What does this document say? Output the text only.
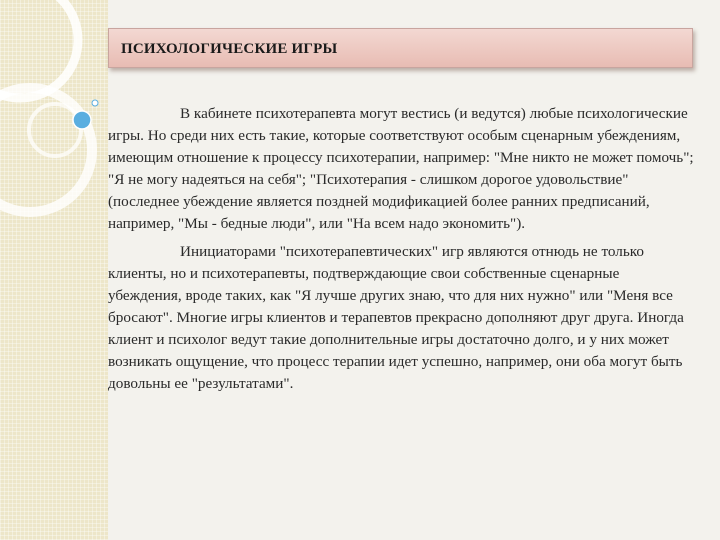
ПСИХОЛОГИЧЕСКИЕ ИГРЫ

В кабинете психотерапевта могут вестись (и ведутся) любые психологические игры. Но среди них есть такие, которые соответствуют особым сценарным убеждениям, имеющим отношение к процессу психотерапии, например: "Мне никто не может помочь"; "Я не могу надеяться на себя"; "Психотерапия - слишком дорогое удовольствие" (последнее убеждение является поздней модификацией более ранних предписаний, например, "Мы - бедные люди", или "На всем надо экономить").

Инициаторами "психотерапевтических" игр являются отнюдь не только клиенты, но и психотерапевты, подтверждающие свои собственные сценарные убеждения, вроде таких, как "Я лучше других знаю, что для них нужно" или "Меня все бросают". Многие игры клиентов и терапевтов прекрасно дополняют друг друга. Иногда клиент и психолог ведут такие дополнительные игры достаточно долго, и у них может возникать ощущение, что процесс терапии идет успешно, например, они оба могут быть довольны ее "результатами".
